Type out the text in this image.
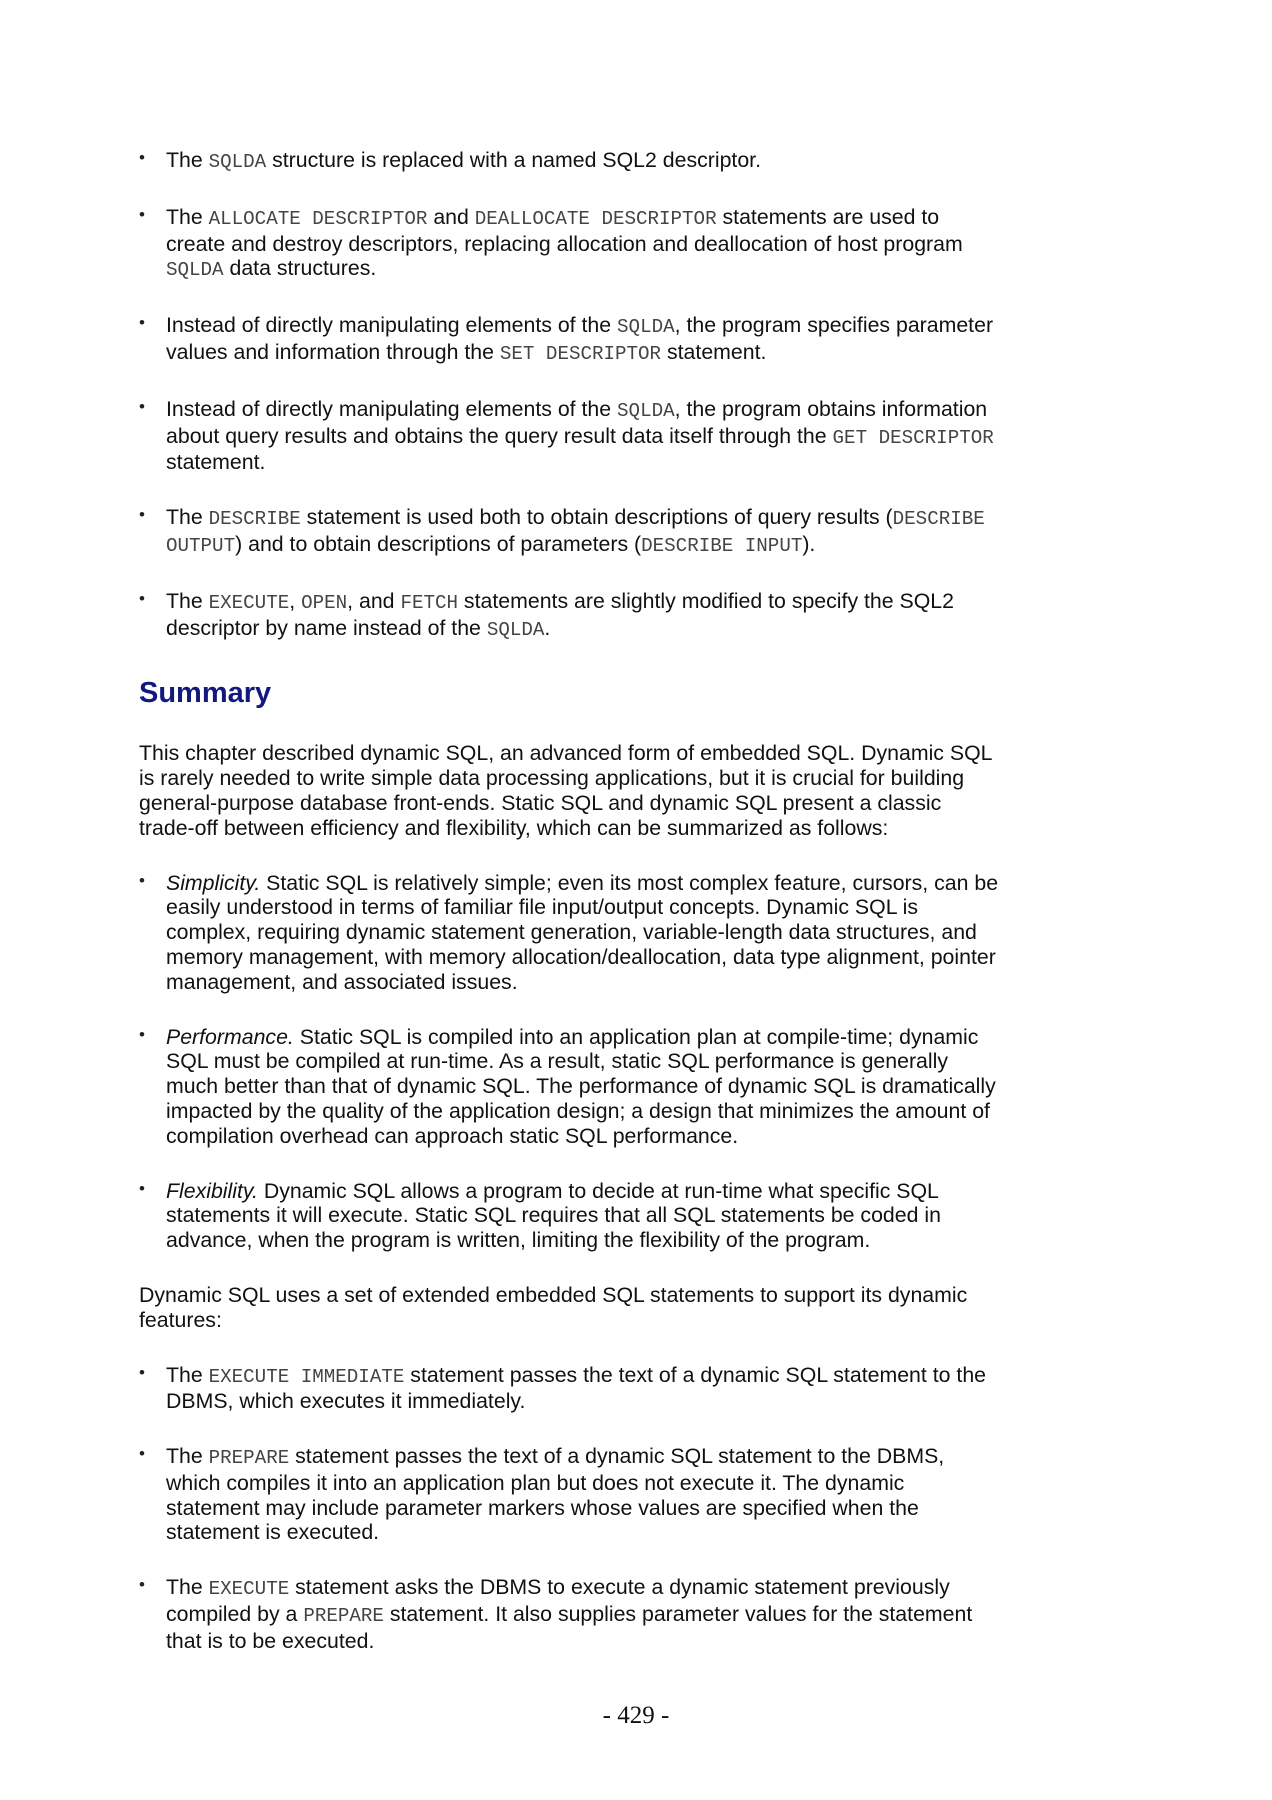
• The SQLDA structure is replaced with a named SQL2 descriptor.
• The ALLOCATE DESCRIPTOR and DEALLOCATE DESCRIPTOR statements are used to create and destroy descriptors, replacing allocation and deallocation of host program SQLDA data structures.
• Instead of directly manipulating elements of the SQLDA, the program specifies parameter values and information through the SET DESCRIPTOR statement.
• Instead of directly manipulating elements of the SQLDA, the program obtains information about query results and obtains the query result data itself through the GET DESCRIPTOR statement.
• The DESCRIBE statement is used both to obtain descriptions of query results (DESCRIBE OUTPUT) and to obtain descriptions of parameters (DESCRIBE INPUT).
• The EXECUTE, OPEN, and FETCH statements are slightly modified to specify the SQL2 descriptor by name instead of the SQLDA.
Summary

This chapter described dynamic SQL, an advanced form of embedded SQL. Dynamic SQL is rarely needed to write simple data processing applications, but it is crucial for building general-purpose database front-ends. Static SQL and dynamic SQL present a classic trade-off between efficiency and flexibility, which can be summarized as follows:

• Simplicity. Static SQL is relatively simple; even its most complex feature, cursors, can be easily understood in terms of familiar file input/output concepts. Dynamic SQL is complex, requiring dynamic statement generation, variable-length data structures, and memory management, with memory allocation/deallocation, data type alignment, pointer management, and associated issues.
• Performance. Static SQL is compiled into an application plan at compile-time; dynamic SQL must be compiled at run-time. As a result, static SQL performance is generally much better than that of dynamic SQL. The performance of dynamic SQL is dramatically impacted by the quality of the application design; a design that minimizes the amount of compilation overhead can approach static SQL performance.
• Flexibility. Dynamic SQL allows a program to decide at run-time what specific SQL statements it will execute. Static SQL requires that all SQL statements be coded in advance, when the program is written, limiting the flexibility of the program.

Dynamic SQL uses a set of extended embedded SQL statements to support its dynamic features:

• The EXECUTE IMMEDIATE statement passes the text of a dynamic SQL statement to the DBMS, which executes it immediately.
• The PREPARE statement passes the text of a dynamic SQL statement to the DBMS, which compiles it into an application plan but does not execute it. The dynamic statement may include parameter markers whose values are specified when the statement is executed.
• The EXECUTE statement asks the DBMS to execute a dynamic statement previously compiled by a PREPARE statement. It also supplies parameter values for the statement that is to be executed.
- 429 -
